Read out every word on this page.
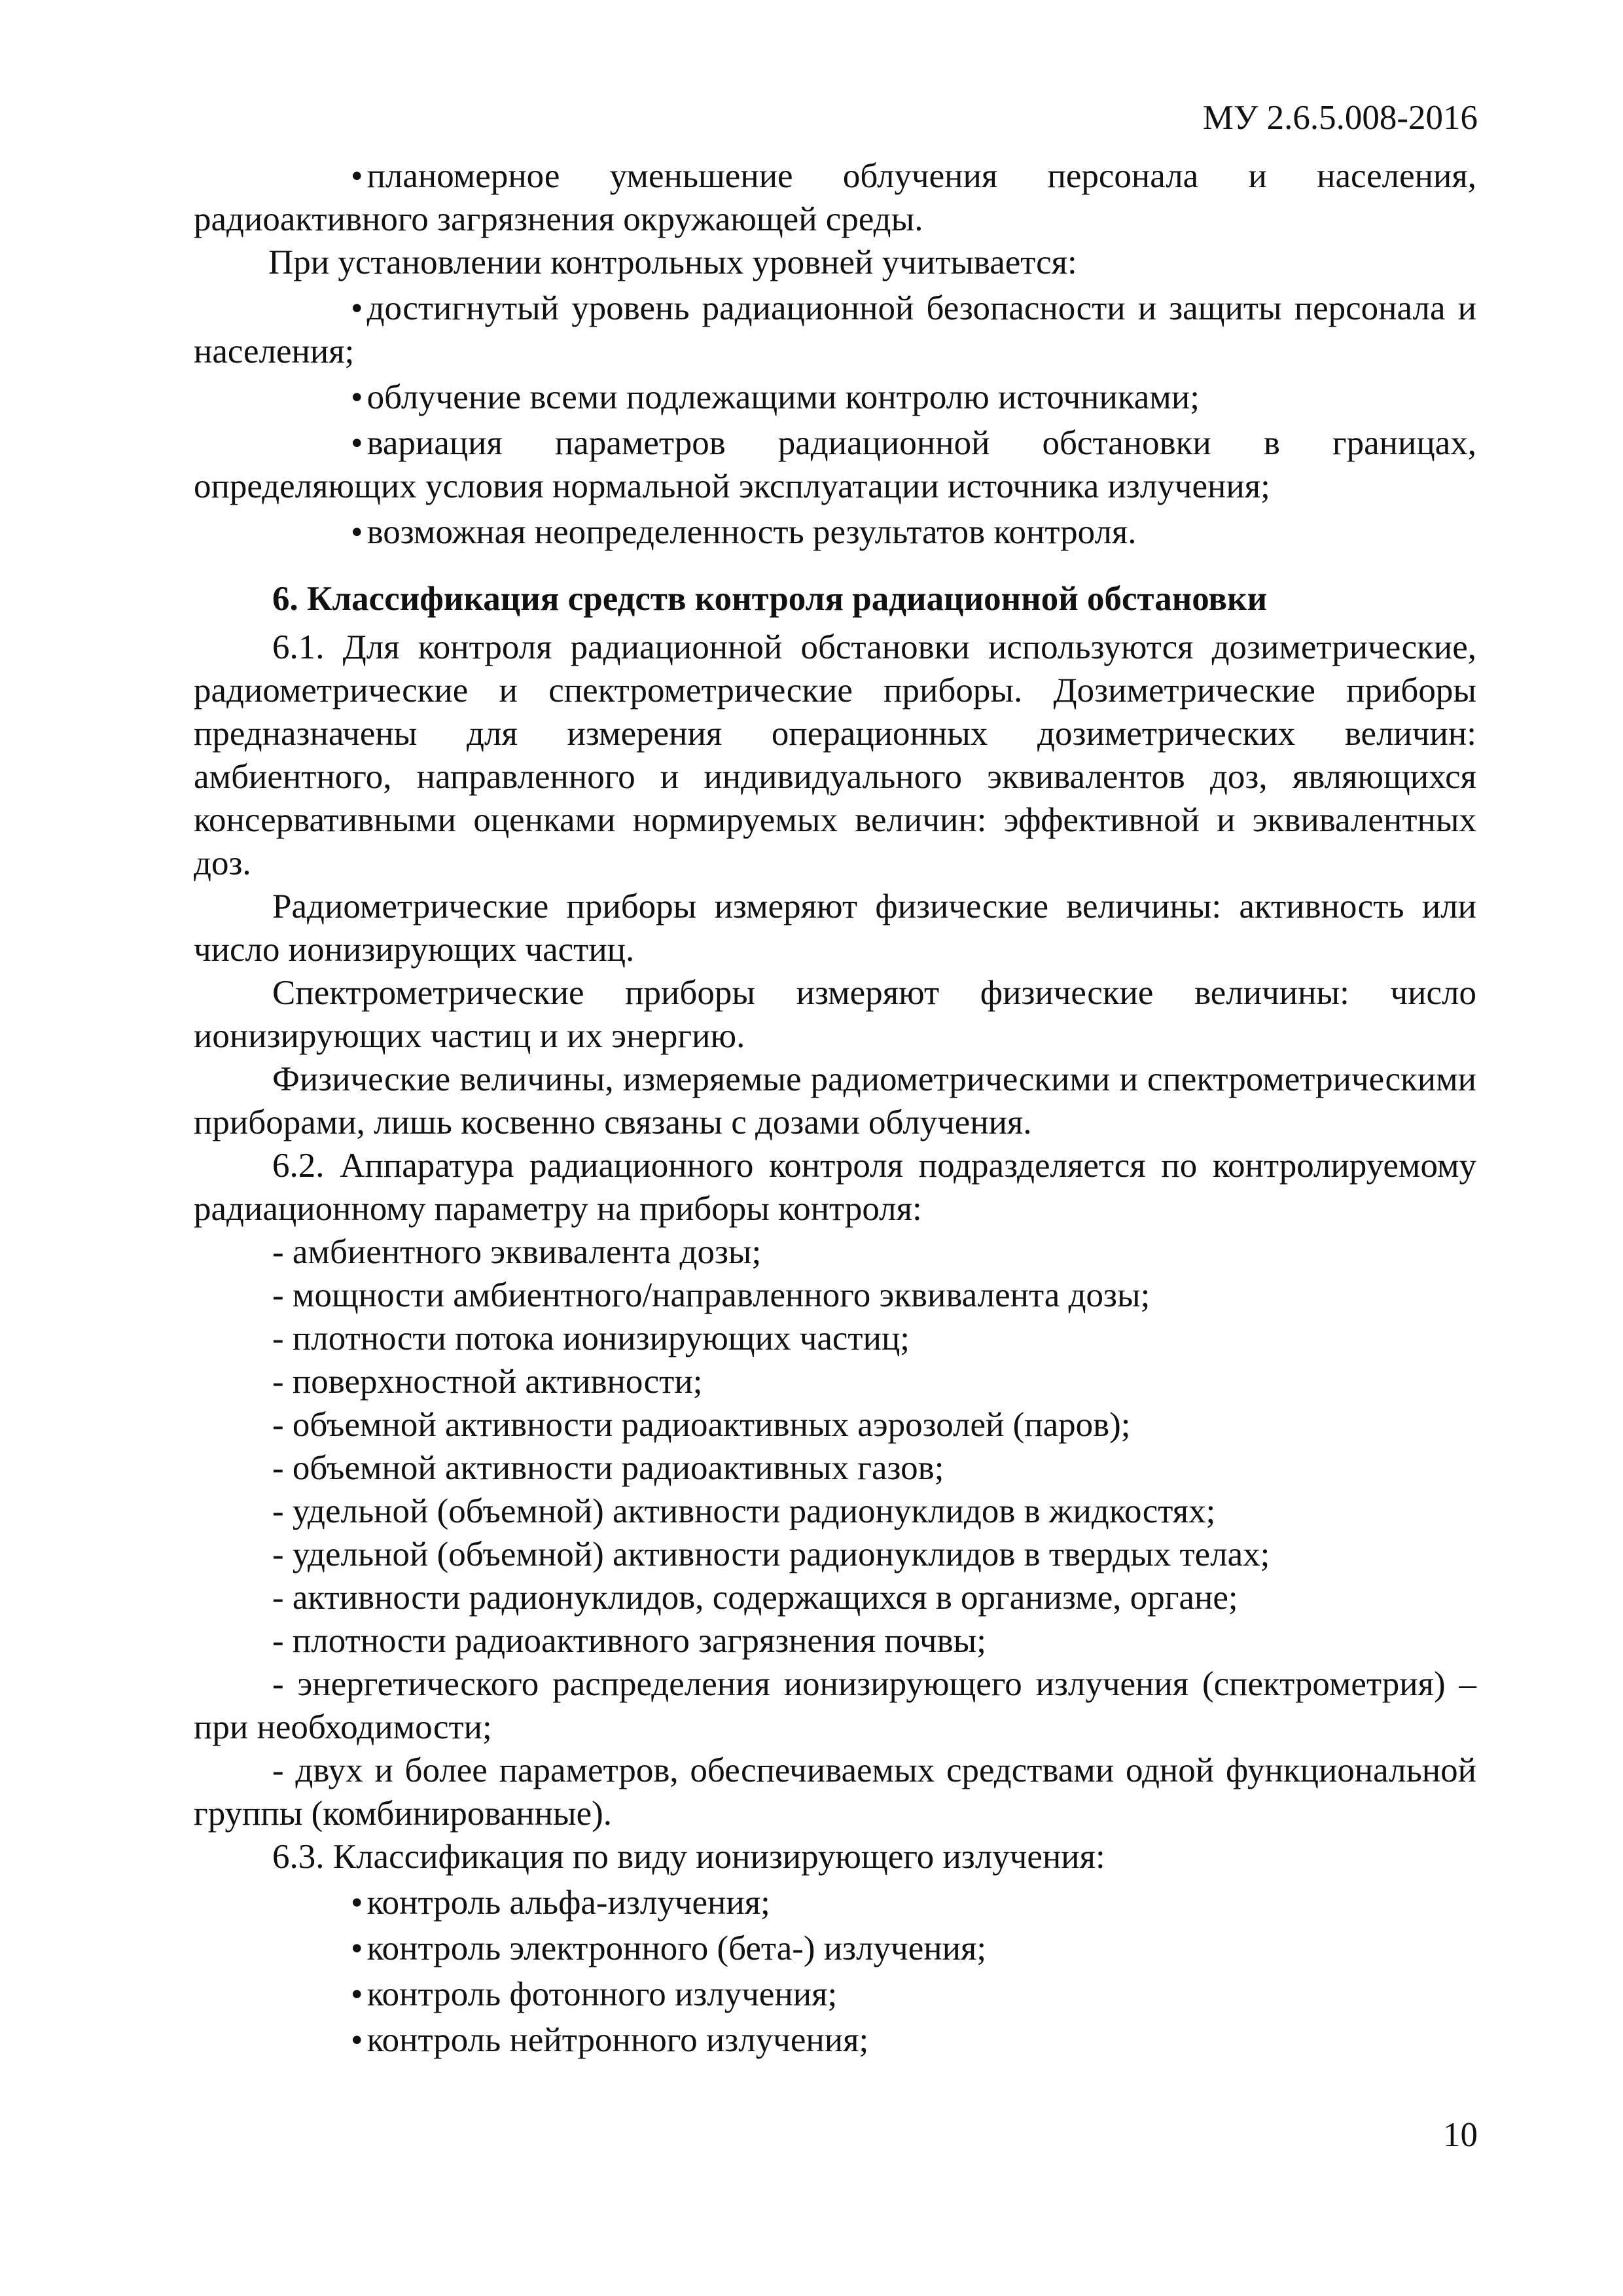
МУ 2.6.5.008-2016

• планомерное уменьшение облучения персонала и населения, радиоактивного загрязнения окружающей среды.

При установлении контрольных уровней учитывается:

• достигнутый уровень радиационной безопасности и защиты персонала и населения;

• облучение всеми подлежащими контролю источниками;

• вариация параметров радиационной обстановки в границах, определяющих условия нормальной эксплуатации источника излучения;

• возможная неопределенность результатов контроля.

6. Классификация средств контроля радиационной обстановки

6.1. Для контроля радиационной обстановки используются дозиметрические, радиометрические и спектрометрические приборы. Дозиметрические приборы предназначены для измерения операционных дозиметрических величин: амбиентного, направленного и индивидуального эквивалентов доз, являющихся консервативными оценками нормируемых величин: эффективной и эквивалентных доз.

Радиометрические приборы измеряют физические величины: активность или число ионизирующих частиц.

Спектрометрические приборы измеряют физические величины: число ионизирующих частиц и их энергию.

Физические величины, измеряемые радиометрическими и спектрометрическими приборами, лишь косвенно связаны с дозами облучения.

6.2. Аппаратура радиационного контроля подразделяется по контролируемому радиационному параметру на приборы контроля:

- амбиентного эквивалента дозы;

- мощности амбиентного/направленного эквивалента дозы;

- плотности потока ионизирующих частиц;

- поверхностной активности;

- объемной активности радиоактивных аэрозолей (паров);

- объемной активности радиоактивных газов;

- удельной (объемной) активности радионуклидов в жидкостях;

- удельной (объемной) активности радионуклидов в твердых телах;

- активности радионуклидов, содержащихся в организме, органе;

- плотности радиоактивного загрязнения почвы;

- энергетического распределения ионизирующего излучения (спектрометрия) – при необходимости;

- двух и более параметров, обеспечиваемых средствами одной функциональной группы (комбинированные).

6.3. Классификация по виду ионизирующего излучения:

• контроль альфа-излучения;

• контроль электронного (бета-) излучения;

• контроль фотонного излучения;

• контроль нейтронного излучения;

10
